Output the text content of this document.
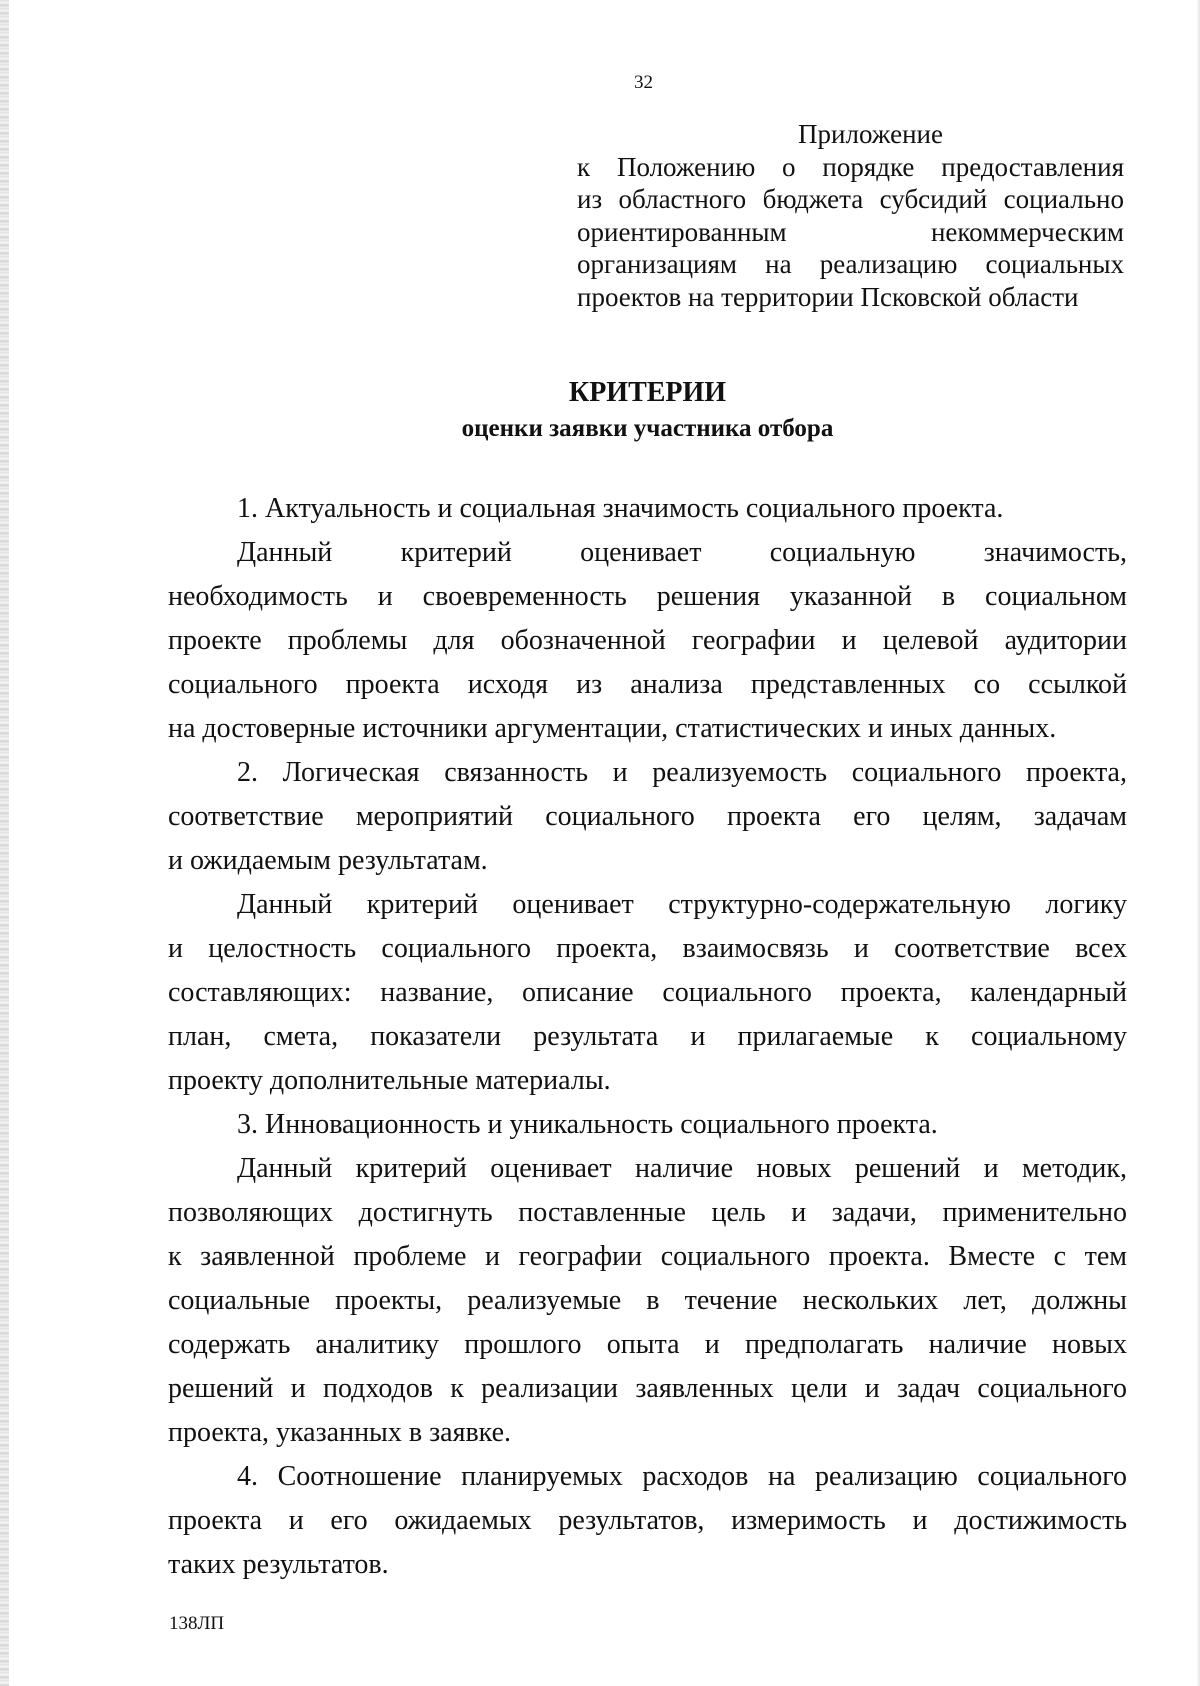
32

Приложение

к Положению о порядке предоставления

из областного бюджета субсидий социально

ориентированным некоммерческим

организациям на реализацию социальных

проектов на территории Псковской области

КРИТЕРИИ
оценки заявки участника отбора

1. Актуальность и социальная значимость социального проекта.

Данный критерий оценивает социальную значимость,

необходимость и своевременность решения указанной в социальном

проекте проблемы для обозначенной географии и целевой аудитории

социального проекта исходя из анализа представленных со ссылкой

на достоверные источники аргументации, статистических и иных данных.

2. Логическая связанность и реализуемость социального проекта,

соответствие мероприятий социального проекта его целям, задачам

и ожидаемым результатам.

Данный критерий оценивает структурно-содержательную логику

и целостность социального проекта, взаимосвязь и соответствие всех

составляющих: название, описание социального проекта, календарный

план, смета, показатели результата и прилагаемые к социальному

проекту дополнительные материалы.

3. Инновационность и уникальность социального проекта.

Данный критерий оценивает наличие новых решений и методик,

позволяющих достигнуть поставленные цель и задачи, применительно

к заявленной проблеме и географии социального проекта. Вместе с тем

социальные проекты, реализуемые в течение нескольких лет, должны

содержать аналитику прошлого опыта и предполагать наличие новых

решений и подходов к реализации заявленных цели и задач социального

проекта, указанных в заявке.

4. Соотношение планируемых расходов на реализацию социального

проекта и его ожидаемых результатов, измеримость и достижимость

таких результатов.

138ЛП
